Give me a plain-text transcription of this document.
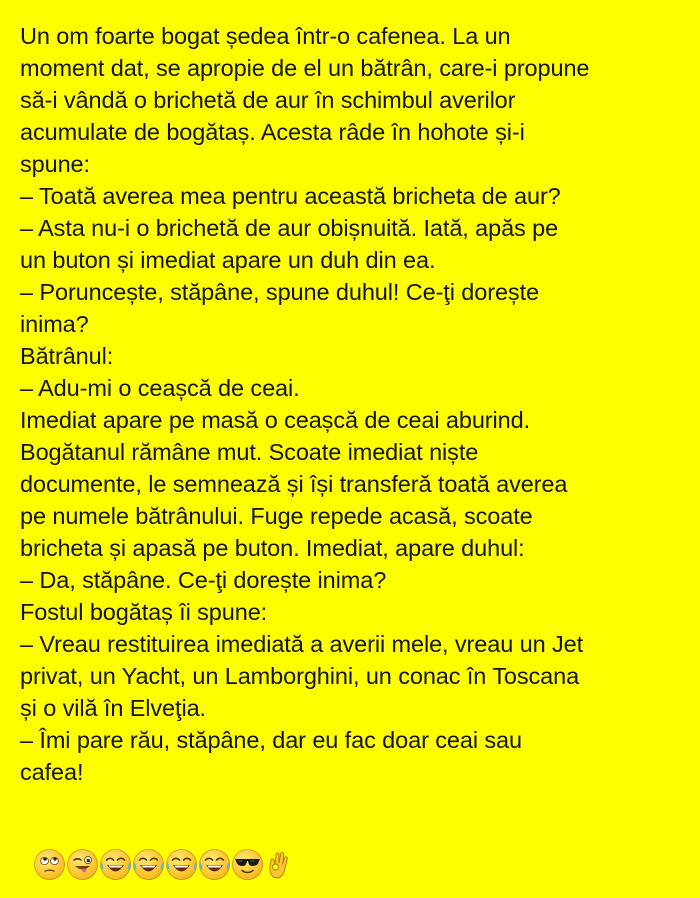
Un om foarte bogat ședea într-o cafenea. La un
moment dat, se apropie de el un bătrân, care-i propune
să-i vândă o brichetă de aur în schimbul averilor
acumulate de bogătaș. Acesta râde în hohote și-i
spune:
– Toată averea mea pentru această bricheta de aur?
– Asta nu-i o brichetă de aur obișnuită. Iată, apăs pe
un buton și imediat apare un duh din ea.
– Poruncește, stăpâne, spune duhul! Ce-ţi dorește
inima?
Bătrânul:
– Adu-mi o ceașcă de ceai.
Imediat apare pe masă o ceașcă de ceai aburind.
Bogătanul rămâne mut. Scoate imediat niște
documente, le semnează și își transferă toată averea
pe numele bătrânului. Fuge repede acasă, scoate
bricheta și apasă pe buton. Imediat, apare duhul:
– Da, stăpâne. Ce-ţi dorește inima?
Fostul bogătaș îi spune:
– Vreau restituirea imediată a averii mele, vreau un Jet
privat, un Yacht, un Lamborghini, un conac în Toscana
și o vilă în Elveţia.
– Îmi pare rău, stăpâne, dar eu fac doar ceai sau
cafea!
